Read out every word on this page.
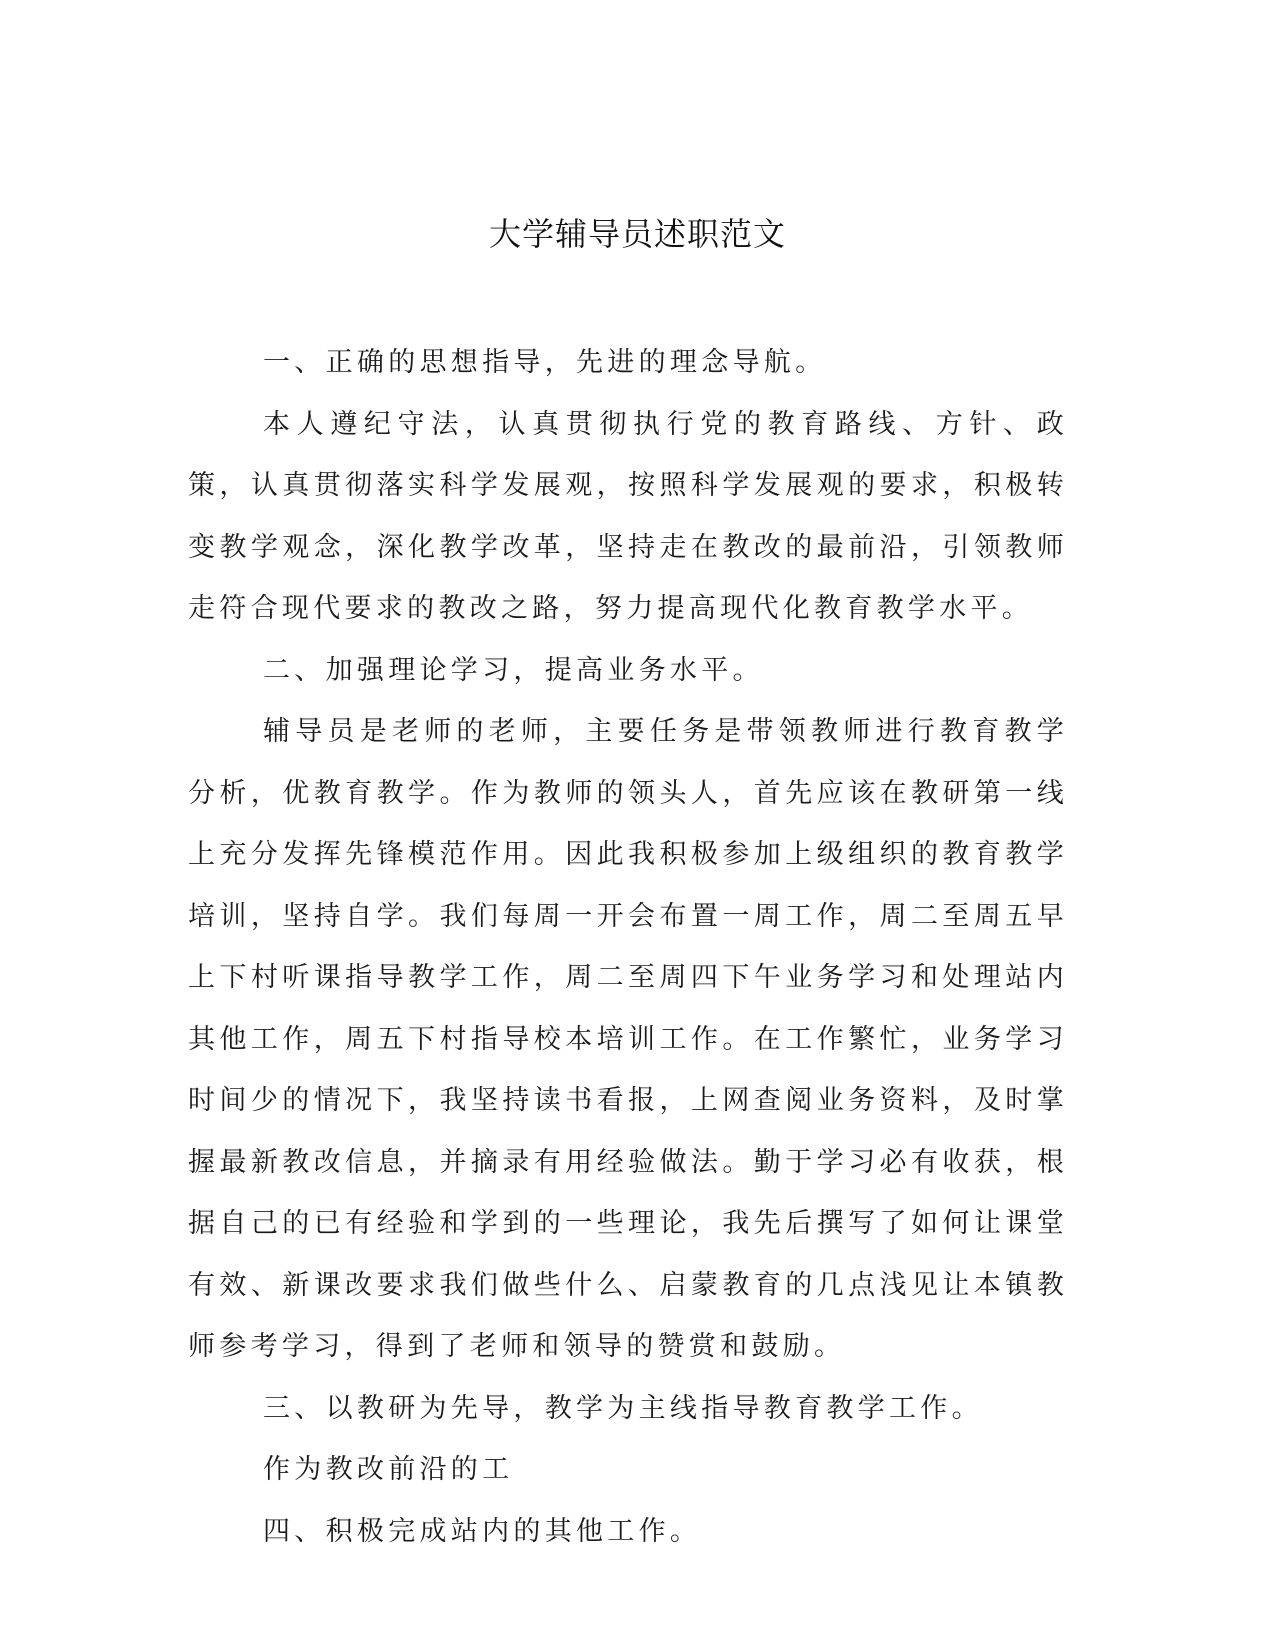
大学辅导员述职范文

一、正确的思想指导，先进的理念导航。

本人遵纪守法，认真贯彻执行党的教育路线、方针、政策，认真贯彻落实科学发展观，按照科学发展观的要求，积极转变教学观念，深化教学改革，坚持走在教改的最前沿，引领教师走符合现代要求的教改之路，努力提高现代化教育教学水平。

二、加强理论学习，提高业务水平。

辅导员是老师的老师，主要任务是带领教师进行教育教学分析，优教育教学。作为教师的领头人，首先应该在教研第一线上充分发挥先锋模范作用。因此我积极参加上级组织的教育教学培训，坚持自学。我们每周一开会布置一周工作，周二至周五早上下村听课指导教学工作，周二至周四下午业务学习和处理站内其他工作，周五下村指导校本培训工作。在工作繁忙，业务学习时间少的情况下，我坚持读书看报，上网查阅业务资料，及时掌握最新教改信息，并摘录有用经验做法。勤于学习必有收获，根据自己的已有经验和学到的一些理论，我先后撰写了如何让课堂有效、新课改要求我们做些什么、启蒙教育的几点浅见让本镇教师参考学习，得到了老师和领导的赞赏和鼓励。

三、以教研为先导，教学为主线指导教育教学工作。

作为教改前沿的工

四、积极完成站内的其他工作。
